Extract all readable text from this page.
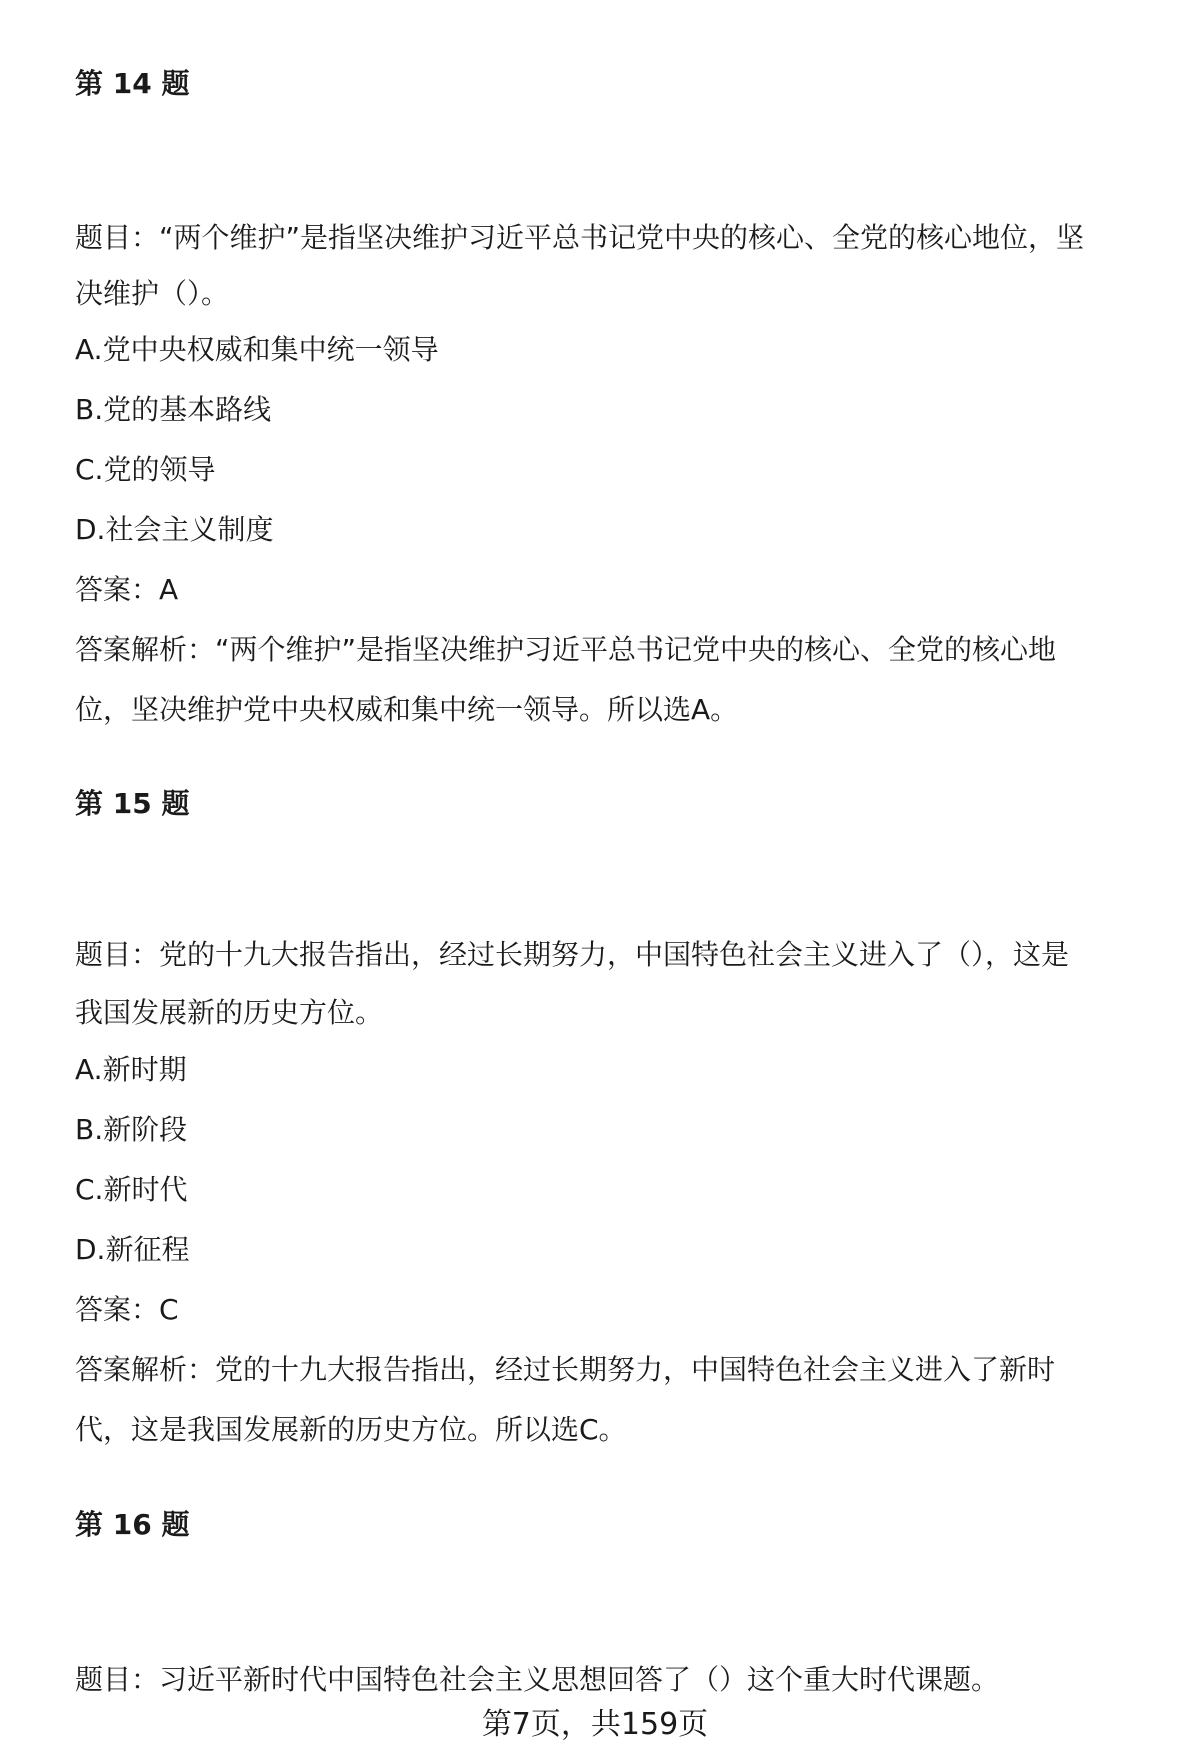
第 14 题
题目：“两个维护”是指坚决维护习近平总书记党中央的核心、全党的核心地位，坚
决维护（）。
A.党中央权威和集中统一领导
B.党的基本路线
C.党的领导
D.社会主义制度
答案：A
答案解析：“两个维护”是指坚决维护习近平总书记党中央的核心、全党的核心地
位，坚决维护党中央权威和集中统一领导。所以选A。
第 15 题
题目：党的十九大报告指出，经过长期努力，中国特色社会主义进入了（），这是
我国发展新的历史方位。
A.新时期
B.新阶段
C.新时代
D.新征程
答案：C
答案解析：党的十九大报告指出，经过长期努力，中国特色社会主义进入了新时
代，这是我国发展新的历史方位。所以选C。
第 16 题
题目：习近平新时代中国特色社会主义思想回答了（）这个重大时代课题。
第7页，共159页
